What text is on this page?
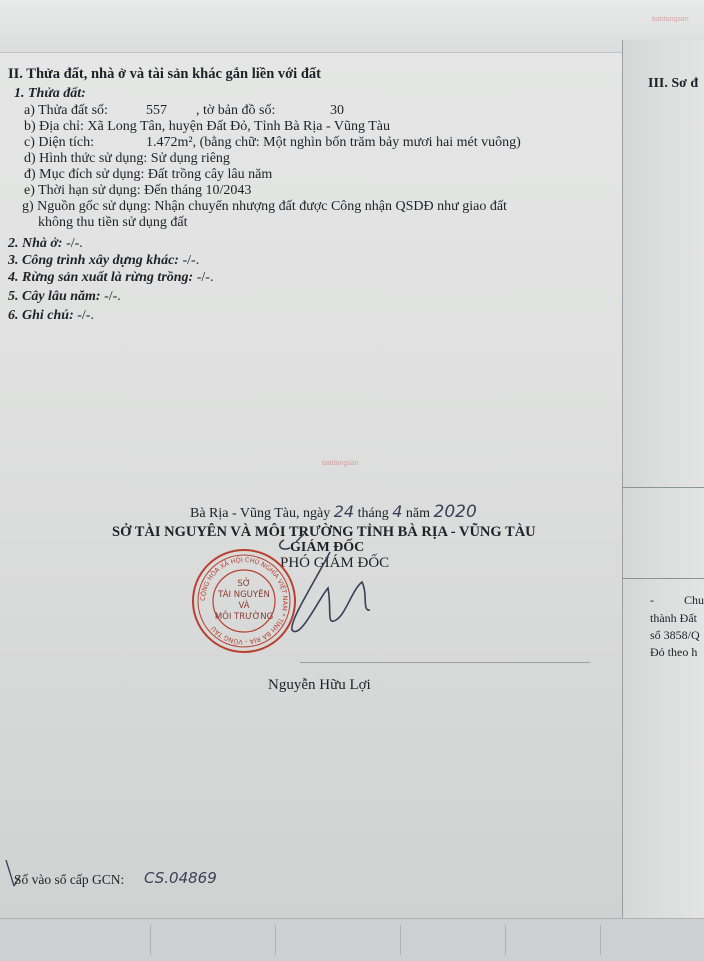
batdongsan
batdongsan
III. Sơ đ
-	Chu
thành Đất
số 3858/Q
Đỏ theo h
II. Thửa đất, nhà ở và tài sản khác gắn liền với đất
1. Thửa đất:
a) Thửa đất số:	557 , tờ bản đồ số:	30
b) Địa chỉ: Xã Long Tân, huyện Đất Đỏ, Tỉnh Bà Rịa - Vũng Tàu
c) Diện tích:	1.472m², (bằng chữ: Một nghìn bốn trăm bảy mươi hai mét vuông)
d) Hình thức sử dụng: Sử dụng riêng
đ) Mục đích sử dụng: Đất trồng cây lâu năm
e) Thời hạn sử dụng: Đến tháng 10/2043
g) Nguồn gốc sử dụng: Nhận chuyển nhượng đất được Công nhận QSDĐ như giao đất
không thu tiền sử dụng đất
2. Nhà ở: -/-.
3. Công trình xây dựng khác: -/-.
4. Rừng sản xuất là rừng trồng: -/-.
5. Cây lâu năm: -/-.
6. Ghi chú: -/-.
Bà Rịa - Vũng Tàu, ngày 24 tháng 4 năm 2020
SỞ TÀI NGUYÊN VÀ MÔI TRƯỜNG TỈNH BÀ RỊA - VŨNG TÀU
GIÁM ĐỐC
PHÓ GIÁM ĐỐC
CỘNG HÒA XÃ HỘI CHỦ NGHĨA VIỆT NAM * TỈNH BÀ RỊA - VŨNG TÀU
SỞ
TÀI NGUYÊN
VÀ
MÔI TRƯỜNG
Nguyễn Hữu Lợi
Số vào sổ cấp GCN: CS.04869
